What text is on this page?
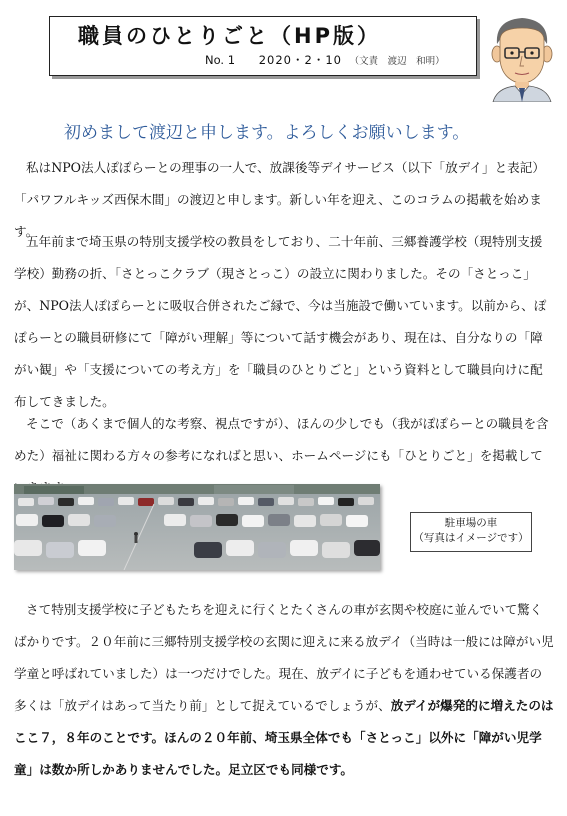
職員のひとりごと（HP版）
No. 1 2020・2・10 （文責　渡辺　和明）
初めまして渡辺と申します。よろしくお願いします。

私はNPO法人ぽぽらーとの理事の一人で、放課後等デイサービス（以下「放デイ」と表記）「パワフルキッズ西保木間」の渡辺と申します。新しい年を迎え、このコラムの掲載を始めます。

五年前まで埼玉県の特別支援学校の教員をしており、二十年前、三郷養護学校（現特別支援学校）勤務の折、「さとっこクラブ（現さとっこ）の設立に関わりました。その「さとっこ」が、NPO法人ぽぽらーとに吸収合併されたご縁で、今は当施設で働いています。以前から、ぽぽらーとの職員研修にて「障がい理解」等について話す機会があり、現在は、自分なりの「障がい観」や「支援についての考え方」を「職員のひとりごと」という資料として職員向けに配布してきました。

そこで（あくまで個人的な考察、視点ですが）、ほんの少しでも（我がぽぽらーとの職員を含めた）福祉に関わる方々の参考になればと思い、ホームページにも「ひとりごと」を掲載して

駐車場の車
（写真はイメージです）

さて特別支援学校に子どもたちを迎えに行くとたくさんの車が玄関や校庭に並んでいて驚くばかりです。２０年前に三郷特別支援学校の玄関に迎えに来る放デイ（当時は一般には障がい児学童と呼ばれていました）は一つだけでした。現在、放デイに子どもを通わせている保護者の多くは「放デイはあって当たり前」として捉えているでしょうが、放デイが爆発的に増えたのはここ７，８年のことです。ほんの２０年前、埼玉県全体でも「さとっこ」以外に「障がい児学童」は数か所しかありませんでした。足立区でも同様です。
